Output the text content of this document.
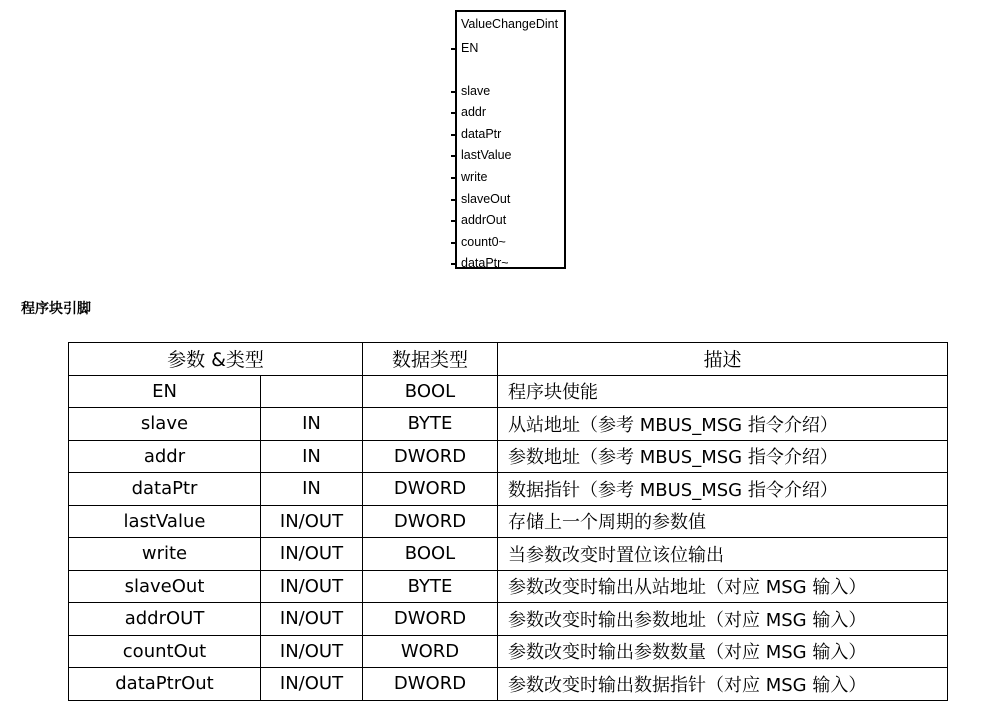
ValueChangeDint
EN
slave
addr
dataPtr
lastValue
write
slaveOut
addrOut
count0~
dataPtr~
程序块引脚
参数 &类型		数据类型	描述
EN		BOOL	程序块使能
slave	IN	BYTE	从站地址（参考 MBUS_MSG 指令介绍）
addr	IN	DWORD	参数地址（参考 MBUS_MSG 指令介绍）
dataPtr	IN	DWORD	数据指针（参考 MBUS_MSG 指令介绍）
lastValue	IN/OUT	DWORD	存储上一个周期的参数值
write	IN/OUT	BOOL	当参数改变时置位该位输出
slaveOut	IN/OUT	BYTE	参数改变时输出从站地址（对应 MSG 输入）
addrOUT	IN/OUT	DWORD	参数改变时输出参数地址（对应 MSG 输入）
countOut	IN/OUT	WORD	参数改变时输出参数数量（对应 MSG 输入）
dataPtrOut	IN/OUT	DWORD	参数改变时输出数据指针（对应 MSG 输入）
